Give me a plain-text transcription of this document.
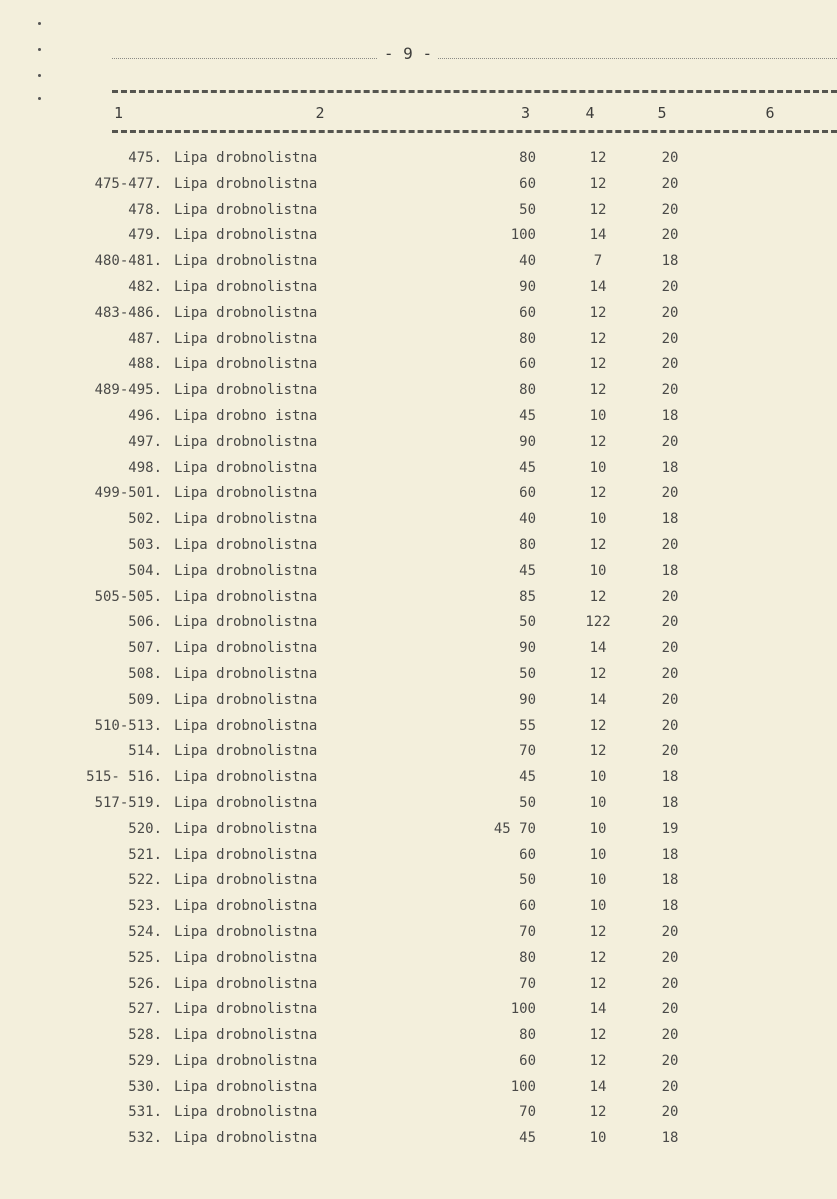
- 9 -
1	2	3	4	5	6
475. Lipa drobnolistna	80	12	20
475-477. Lipa drobnolistna	60	12	20
478. Lipa drobnolistna	50	12	20
479. Lipa drobnolistna	100	14	20
480-481. Lipa drobnolistna	40	7	18
482. Lipa drobnolistna	90	14	20
483-486. Lipa drobnolistna	60	12	20
487. Lipa drobnolistna	80	12	20
488. Lipa drobnolistna	60	12	20
489-495. Lipa drobnolistna	80	12	20
496. Lipa drobno istna	45	10	18
497. Lipa drobnolistna	90	12	20
498. Lipa drobnolistna	45	10	18
499-501. Lipa drobnolistna	60	12	20
502. Lipa drobnolistna	40	10	18
503. Lipa drobnolistna	80	12	20
504. Lipa drobnolistna	45	10	18
505-505. Lipa drobnolistna	85	12	20
506. Lipa drobnolistna	50	122	20
507. Lipa drobnolistna	90	14	20
508. Lipa drobnolistna	50	12	20
509. Lipa drobnolistna	90	14	20
510-513. Lipa drobnolistna	55	12	20
514. Lipa drobnolistna	70	12	20
515- 516. Lipa drobnolistna	45	10	18
517-519. Lipa drobnolistna	50	10	18
520. Lipa drobnolistna	45 70	10	19
521. Lipa drobnolistna	60	10	18
522. Lipa drobnolistna	50	10	18
523. Lipa drobnolistna	60	10	18
524. Lipa drobnolistna	70	12	20
525. Lipa drobnolistna	80	12	20
526. Lipa drobnolistna	70	12	20
527. Lipa drobnolistna	100	14	20
528. Lipa drobnolistna	80	12	20
529. Lipa drobnolistna	60	12	20
530. Lipa drobnolistna	100	14	20
531. Lipa drobnolistna	70	12	20
532. Lipa drobnolistna	45	10	18
